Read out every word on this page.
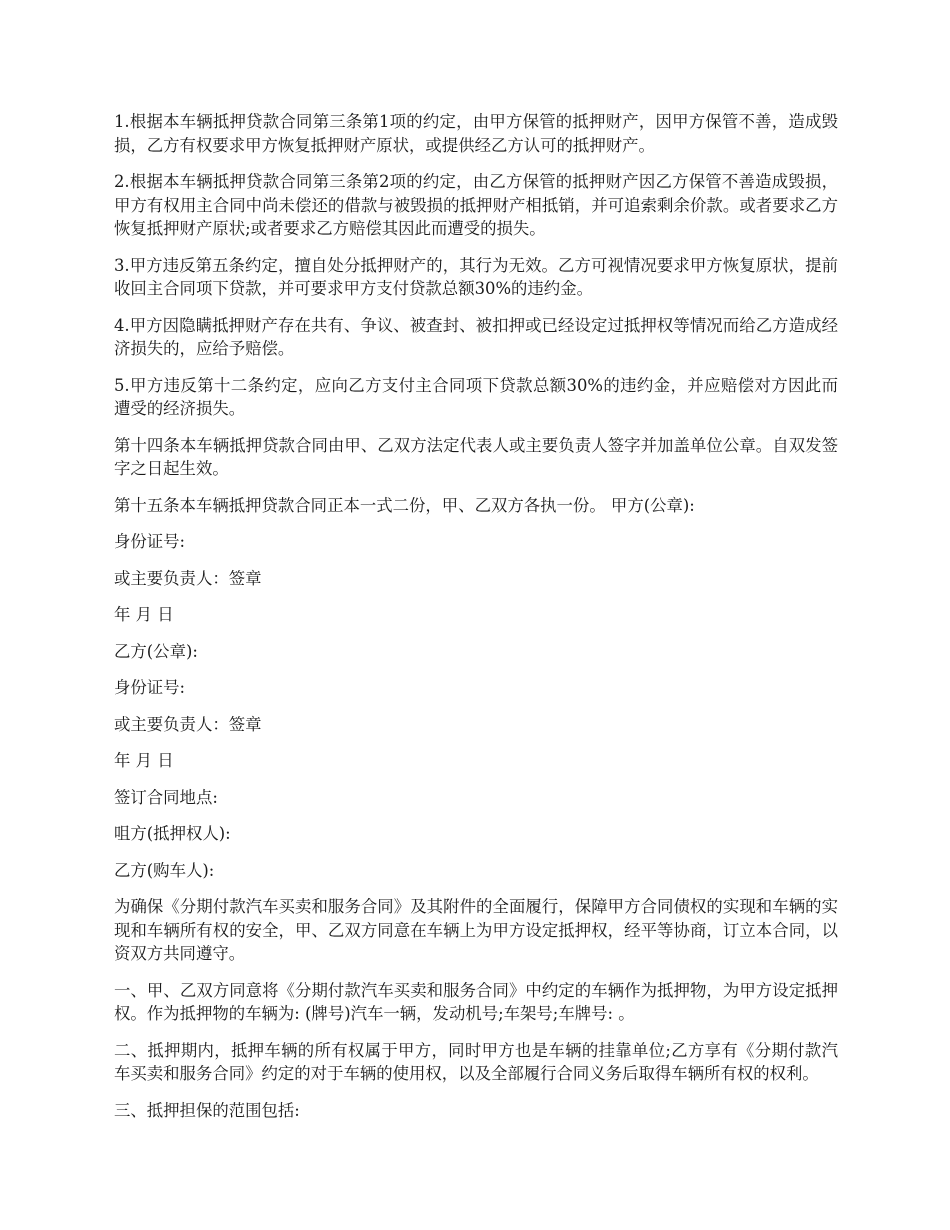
1.根据本车辆抵押贷款合同第三条第1项的约定，由甲方保管的抵押财产，因甲方保管不善，造成毁损，乙方有权要求甲方恢复抵押财产原状，或提供经乙方认可的抵押财产。

2.根据本车辆抵押贷款合同第三条第2项的约定，由乙方保管的抵押财产因乙方保管不善造成毁损，甲方有权用主合同中尚未偿还的借款与被毁损的抵押财产相抵销，并可追索剩余价款。或者要求乙方恢复抵押财产原状;或者要求乙方赔偿其因此而遭受的损失。

3.甲方违反第五条约定，擅自处分抵押财产的，其行为无效。乙方可视情况要求甲方恢复原状，提前收回主合同项下贷款，并可要求甲方支付贷款总额30%的违约金。

4.甲方因隐瞒抵押财产存在共有、争议、被查封、被扣押或已经设定过抵押权等情况而给乙方造成经济损失的，应给予赔偿。

5.甲方违反第十二条约定，应向乙方支付主合同项下贷款总额30%的违约金，并应赔偿对方因此而遭受的经济损失。

第十四条本车辆抵押贷款合同由甲、乙双方法定代表人或主要负责人签字并加盖单位公章。自双发签字之日起生效。

第十五条本车辆抵押贷款合同正本一式二份，甲、乙双方各执一份。 甲方(公章):

身份证号:

或主要负责人：签章

年 月 日

乙方(公章):

身份证号:

或主要负责人：签章

年 月 日

签订合同地点:

咀方(抵押权人):

乙方(购车人):

为确保《分期付款汽车买卖和服务合同》及其附件的全面履行，保障甲方合同债权的实现和车辆的实现和车辆所有权的安全，甲、乙双方同意在车辆上为甲方设定抵押权，经平等协商，订立本合同，以资双方共同遵守。

一、甲、乙双方同意将《分期付款汽车买卖和服务合同》中约定的车辆作为抵押物，为甲方设定抵押权。作为抵押物的车辆为: (牌号)汽车一辆，发动机号;车架号;车牌号: 。

二、抵押期内，抵押车辆的所有权属于甲方，同时甲方也是车辆的挂靠单位;乙方享有《分期付款汽车买卖和服务合同》约定的对于车辆的使用权，以及全部履行合同义务后取得车辆所有权的权利。

三、抵押担保的范围包括:
